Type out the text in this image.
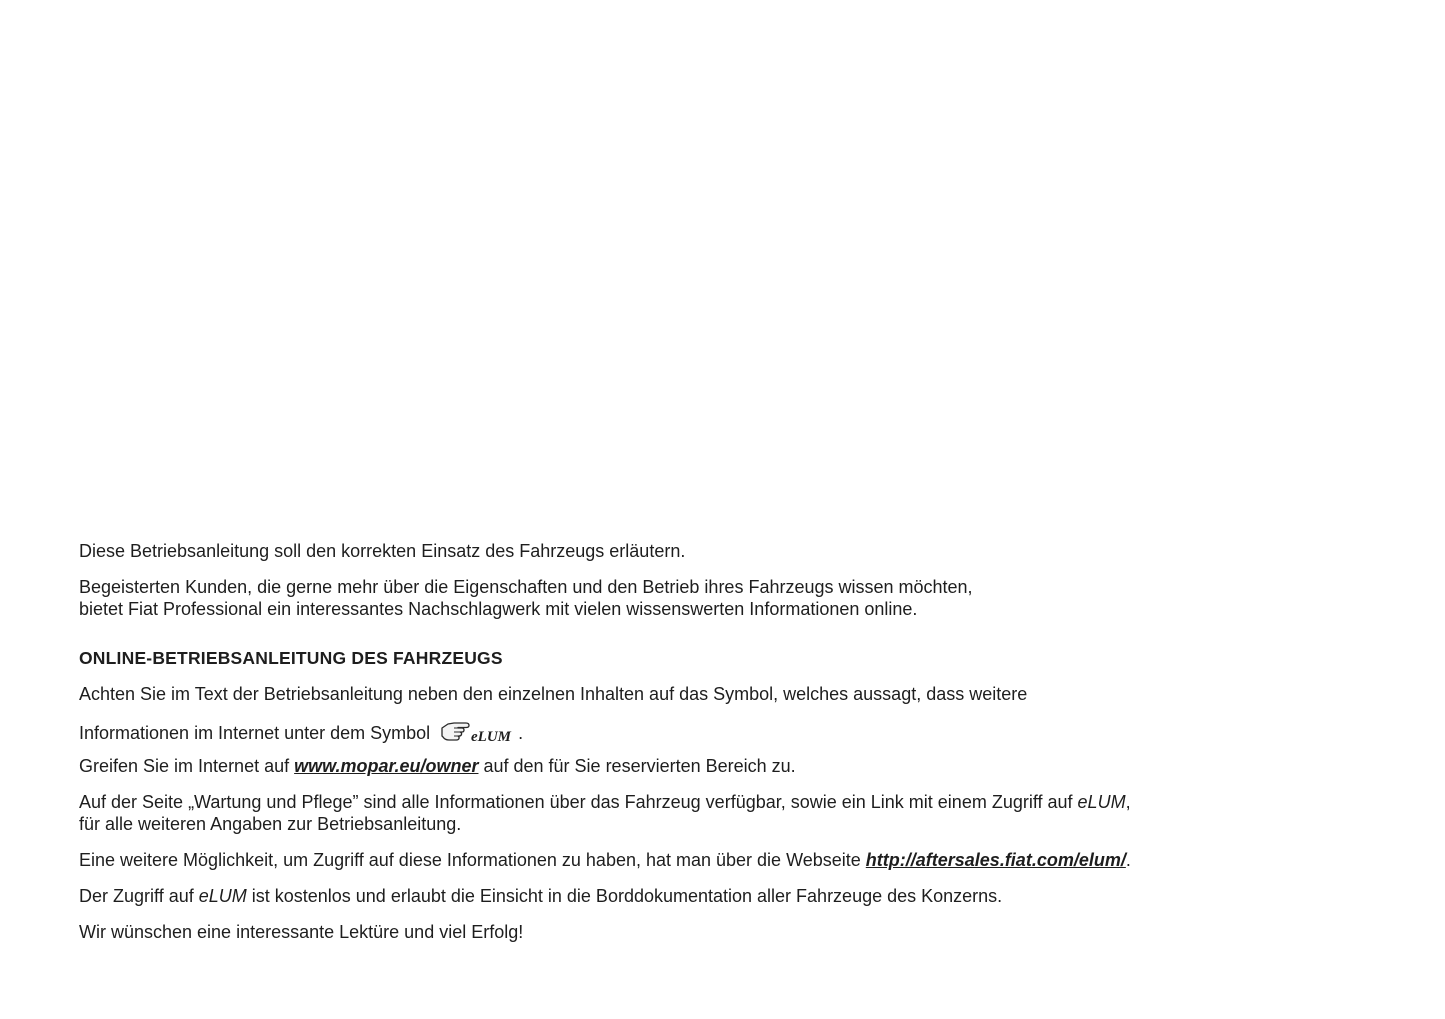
Diese Betriebsanleitung soll den korrekten Einsatz des Fahrzeugs erläutern.

Begeisterten Kunden, die gerne mehr über die Eigenschaften und den Betrieb ihres Fahrzeugs wissen möchten,
bietet Fiat Professional ein interessantes Nachschlagwerk mit vielen wissenswerten Informationen online.

ONLINE-BETRIEBSANLEITUNG DES FAHRZEUGS

Achten Sie im Text der Betriebsanleitung neben den einzelnen Inhalten auf das Symbol, welches aussagt, dass weitere
Informationen im Internet unter dem Symbol	eLUM .

Greifen Sie im Internet auf www.mopar.eu/owner auf den für Sie reservierten Bereich zu.

Auf der Seite „Wartung und Pflege” sind alle Informationen über das Fahrzeug verfügbar, sowie ein Link mit einem Zugriff auf eLUM,
für alle weiteren Angaben zur Betriebsanleitung.

Eine weitere Möglichkeit, um Zugriff auf diese Informationen zu haben, hat man über die Webseite http://aftersales.fiat.com/elum/.

Der Zugriff auf eLUM ist kostenlos und erlaubt die Einsicht in die Borddokumentation aller Fahrzeuge des Konzerns.

Wir wünschen eine interessante Lektüre und viel Erfolg!
